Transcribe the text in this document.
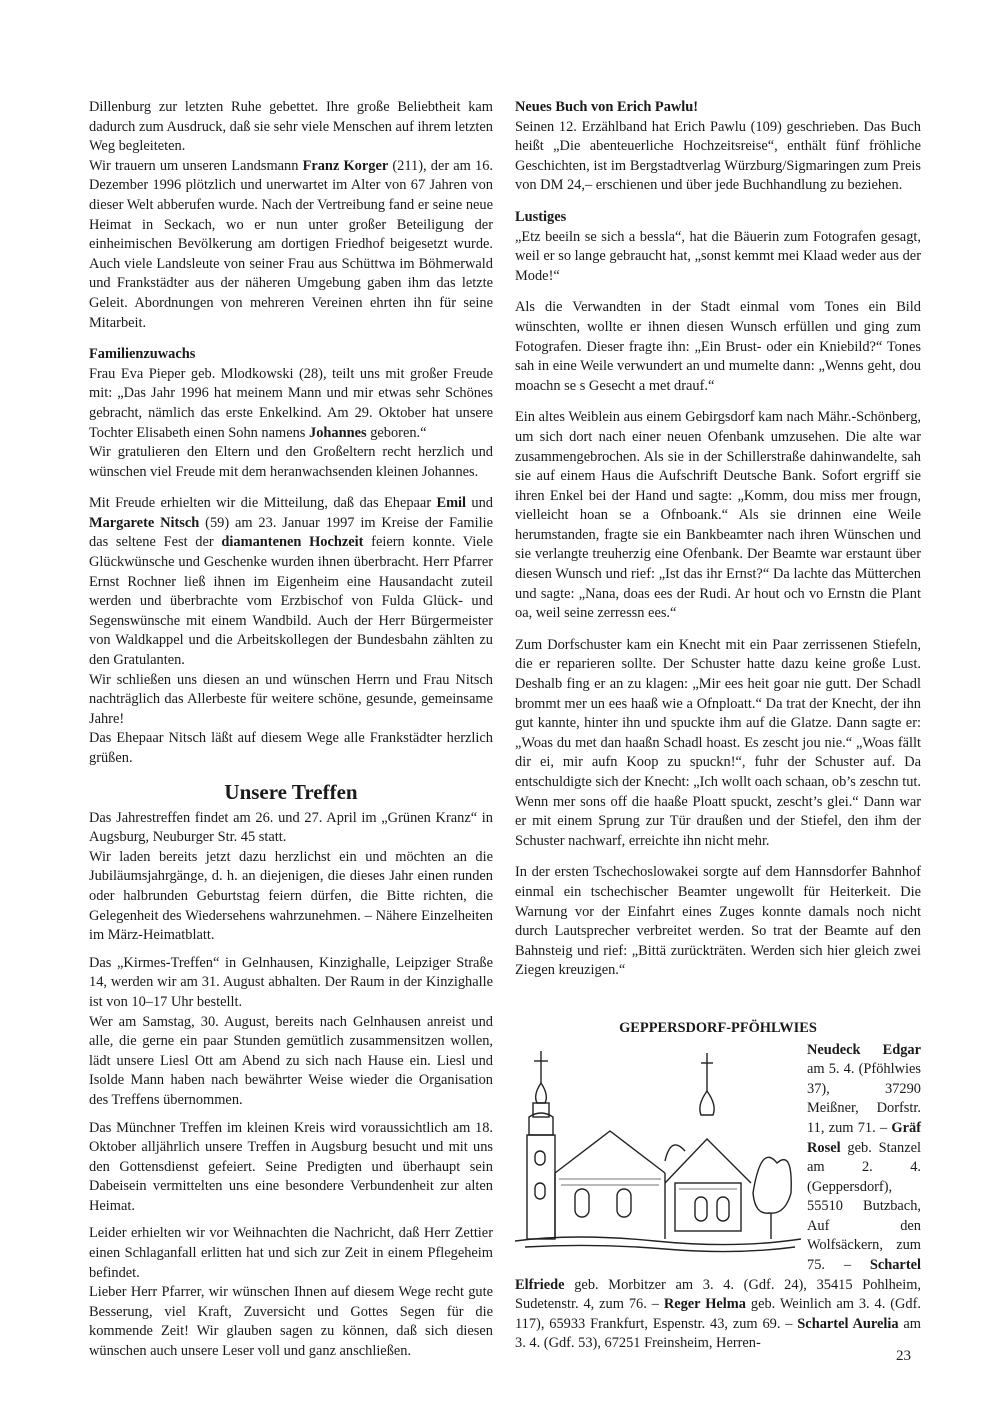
Dillenburg zur letzten Ruhe gebettet. Ihre große Beliebtheit kam dadurch zum Ausdruck, daß sie sehr viele Menschen auf ihrem letzten Weg begleiteten.

Wir trauern um unseren Landsmann Franz Korger (211), der am 16. Dezember 1996 plötzlich und unerwartet im Alter von 67 Jahren von dieser Welt abberufen wurde. Nach der Vertreibung fand er seine neue Heimat in Seckach, wo er nun unter großer Beteiligung der einheimischen Bevölkerung am dortigen Friedhof beigesetzt wurde. Auch viele Landsleute von seiner Frau aus Schüttwa im Böhmerwald und Frankstädter aus der näheren Umgebung gaben ihm das letzte Geleit. Abordnungen von mehreren Vereinen ehrten ihn für seine Mitarbeit.

Familienzuwachs

Frau Eva Pieper geb. Mlodkowski (28), teilt uns mit großer Freude mit: „Das Jahr 1996 hat meinem Mann und mir etwas sehr Schönes gebracht, nämlich das erste Enkelkind. Am 29. Oktober hat unsere Tochter Elisabeth einen Sohn namens Johannes geboren.“

Wir gratulieren den Eltern und den Großeltern recht herzlich und wünschen viel Freude mit dem heranwachsenden kleinen Johannes.

Mit Freude erhielten wir die Mitteilung, daß das Ehepaar Emil und Margarete Nitsch (59) am 23. Januar 1997 im Kreise der Familie das seltene Fest der diamantenen Hochzeit feiern konnte. Viele Glückwünsche und Geschenke wurden ihnen überbracht. Herr Pfarrer Ernst Rochner ließ ihnen im Eigenheim eine Hausandacht zuteil werden und überbrachte vom Erzbischof von Fulda Glück- und Segenswünsche mit einem Wandbild. Auch der Herr Bürgermeister von Waldkappel und die Arbeitskollegen der Bundesbahn zählten zu den Gratulanten.

Wir schließen uns diesen an und wünschen Herrn und Frau Nitsch nachträglich das Allerbeste für weitere schöne, gesunde, gemeinsame Jahre!

Das Ehepaar Nitsch läßt auf diesem Wege alle Frankstädter herzlich grüßen.

Unsere Treffen

Das Jahrestreffen findet am 26. und 27. April im „Grünen Kranz“ in Augsburg, Neuburger Str. 45 statt.

Wir laden bereits jetzt dazu herzlichst ein und möchten an die Jubiläumsjahrgänge, d. h. an diejenigen, die dieses Jahr einen runden oder halbrunden Geburtstag feiern dürfen, die Bitte richten, die Gelegenheit des Wiedersehens wahrzunehmen. – Nähere Einzelheiten im März-Heimatblatt.

Das „Kirmes-Treffen“ in Gelnhausen, Kinzighalle, Leipziger Straße 14, werden wir am 31. August abhalten. Der Raum in der Kinzighalle ist von 10–17 Uhr bestellt.

Wer am Samstag, 30. August, bereits nach Gelnhausen anreist und alle, die gerne ein paar Stunden gemütlich zusammensitzen wollen, lädt unsere Liesl Ott am Abend zu sich nach Hause ein. Liesl und Isolde Mann haben nach bewährter Weise wieder die Organisation des Treffens übernommen.

Das Münchner Treffen im kleinen Kreis wird voraussichtlich am 18. Oktober alljährlich unsere Treffen in Augsburg besucht und mit uns den Gottensdienst gefeiert. Seine Predigten und überhaupt sein Dabeisein vermittelten uns eine besondere Verbundenheit zur alten Heimat.

Leider erhielten wir vor Weihnachten die Nachricht, daß Herr Zettier einen Schlaganfall erlitten hat und sich zur Zeit in einem Pflegeheim befindet.

Lieber Herr Pfarrer, wir wünschen Ihnen auf diesem Wege recht gute Besserung, viel Kraft, Zuversicht und Gottes Segen für die kommende Zeit! Wir glauben sagen zu können, daß sich diesen wünschen auch unsere Leser voll und ganz anschließen.

Neues Buch von Erich Pawlu!

Seinen 12. Erzählband hat Erich Pawlu (109) geschrieben. Das Buch heißt „Die abenteuerliche Hochzeitsreise“, enthält fünf fröhliche Geschichten, ist im Bergstadtverlag Würzburg/Sigmaringen zum Preis von DM 24,– erschienen und über jede Buchhandlung zu beziehen.

Lustiges

„Etz beeiln se sich a bessla“, hat die Bäuerin zum Fotografen gesagt, weil er so lange gebraucht hat, „sonst kemmt mei Klaad weder aus der Mode!“

Als die Verwandten in der Stadt einmal vom Tones ein Bild wünschten, wollte er ihnen diesen Wunsch erfüllen und ging zum Fotografen. Dieser fragte ihn: „Ein Brust- oder ein Kniebild?“ Tones sah in eine Weile verwundert an und mumelte dann: „Wenns geht, dou moachn se s Gesecht a met drauf.“

Ein altes Weiblein aus einem Gebirgsdorf kam nach Mähr.-Schönberg, um sich dort nach einer neuen Ofenbank umzusehen. Die alte war zusammengebrochen. Als sie in der Schillerstraße dahinwandelte, sah sie auf einem Haus die Aufschrift Deutsche Bank. Sofort ergriff sie ihren Enkel bei der Hand und sagte: „Komm, dou miss mer frougn, vielleicht hoan se a Ofnboank.“ Als sie drinnen eine Weile herumstanden, fragte sie ein Bankbeamter nach ihren Wünschen und sie verlangte treuherzig eine Ofenbank. Der Beamte war erstaunt über diesen Wunsch und rief: „Ist das ihr Ernst?“ Da lachte das Mütterchen und sagte: „Nana, doas ees der Rudi. Ar hout och vo Ernstn die Plant oa, weil seine zerressn ees.“

Zum Dorfschuster kam ein Knecht mit ein Paar zerrissenen Stiefeln, die er reparieren sollte. Der Schuster hatte dazu keine große Lust. Deshalb fing er an zu klagen: „Mir ees heit goar nie gutt. Der Schadl brommt mer un ees haaß wie a Ofnploatt.“ Da trat der Knecht, der ihn gut kannte, hinter ihn und spuckte ihm auf die Glatze. Dann sagte er: „Woas du met dan haaßn Schadl hoast. Es zescht jou nie.“ „Woas fällt dir ei, mir aufn Koop zu spuckn!“, fuhr der Schuster auf. Da entschuldigte sich der Knecht: „Ich wollt oach schaan, ob’s zeschn tut. Wenn mer sons off die haaße Ploatt spuckt, zescht’s glei.“ Dann war er mit einem Sprung zur Tür draußen und der Stiefel, den ihm der Schuster nachwarf, erreichte ihn nicht mehr.

In der ersten Tschechoslowakei sorgte auf dem Hannsdorfer Bahnhof einmal ein tschechischer Beamter ungewollt für Heiterkeit. Die Warnung vor der Einfahrt eines Zuges konnte damals noch nicht durch Lautsprecher verbreitet werden. So trat der Beamte auf den Bahnsteig und rief: „Bittä zurückträten. Werden sich hier gleich zwei Ziegen kreuzigen.“

GEPPERSDORF-PFÖHLWIES

Neudeck Edgar am 5. 4. (Pföhlwies 37), 37290 Meißner, Dorfstr. 11, zum 71. – Gräf Rosel geb. Stanzel am 2. 4. (Geppersdorf), 55510 Butzbach, Auf den Wolfsäckern, zum 75. – Schartel Elfriede geb. Morbitzer am 3. 4. (Gdf. 24), 35415 Pohlheim, Sudetenstr. 4, zum 76. – Reger Helma geb. Weinlich am 3. 4. (Gdf. 117), 65933 Frankfurt, Espenstr. 43, zum 69. – Schartel Aurelia am 3. 4. (Gdf. 53), 67251 Freinsheim, Herren-

23
